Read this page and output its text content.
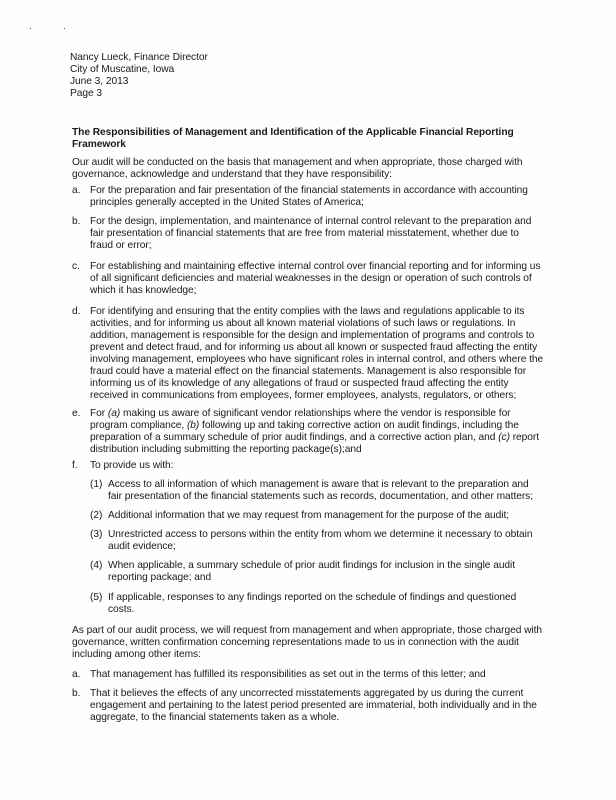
Nancy Lueck, Finance Director
City of Muscatine, Iowa
June 3, 2013
Page 3
The Responsibilities of Management and Identification of the Applicable Financial Reporting
Framework
Our audit will be conducted on the basis that management and when appropriate, those charged with
governance, acknowledge and understand that they have responsibility:
a. For the preparation and fair presentation of the financial statements in accordance with accounting
principles generally accepted in the United States of America;
b. For the design, implementation, and maintenance of internal control relevant to the preparation and
fair presentation of financial statements that are free from material misstatement, whether due to
fraud or error;
c. For establishing and maintaining effective internal control over financial reporting and for informing us
of all significant deficiencies and material weaknesses in the design or operation of such controls of
which it has knowledge;
d. For identifying and ensuring that the entity complies with the laws and regulations applicable to its
activities, and for informing us about all known material violations of such laws or regulations. In
addition, management is responsible for the design and implementation of programs and controls to
prevent and detect fraud, and for informing us about all known or suspected fraud affecting the entity
involving management, employees who have significant roles in internal control, and others where the
fraud could have a material effect on the financial statements. Management is also responsible for
informing us of its knowledge of any allegations of fraud or suspected fraud affecting the entity
received in communications from employees, former employees, analysts, regulators, or others;
e. For (a) making us aware of significant vendor relationships where the vendor is responsible for
program compliance, (b) following up and taking corrective action on audit findings, including the
preparation of a summary schedule of prior audit findings, and a corrective action plan, and (c) report
distribution including submitting the reporting package(s);and
f. To provide us with:
(1) Access to all information of which management is aware that is relevant to the preparation and
fair presentation of the financial statements such as records, documentation, and other matters;
(2) Additional information that we may request from management for the purpose of the audit;
(3) Unrestricted access to persons within the entity from whom we determine it necessary to obtain
audit evidence;
(4) When applicable, a summary schedule of prior audit findings for inclusion in the single audit
reporting package; and
(5) If applicable, responses to any findings reported on the schedule of findings and questioned
costs.
As part of our audit process, we will request from management and when appropriate, those charged with
governance, written confirmation concerning representations made to us in connection with the audit
including among other items:
a. That management has fulfilled its responsibilities as set out in the terms of this letter; and
b. That it believes the effects of any uncorrected misstatements aggregated by us during the current
engagement and pertaining to the latest period presented are immaterial, both individually and in the
aggregate, to the financial statements taken as a whole.
